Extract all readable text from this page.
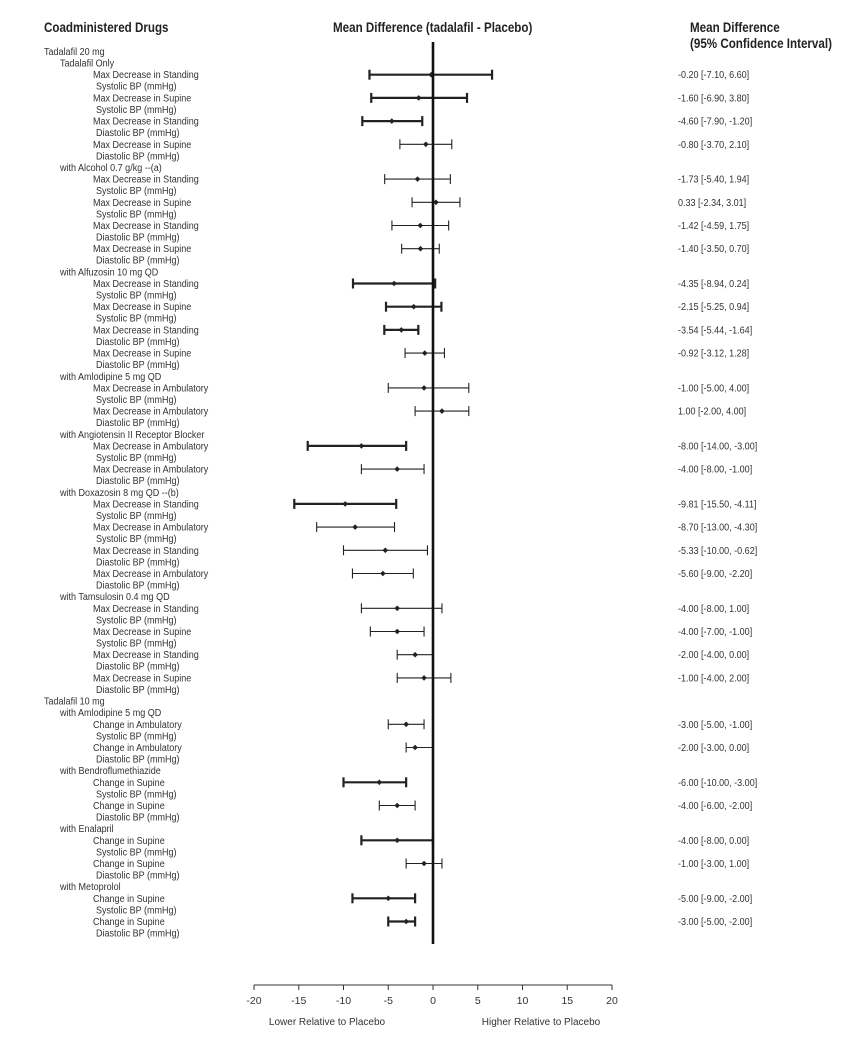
Coadministered Drugs	Mean Difference (tadalafil - Placebo)	Mean Difference
(95% Confidence Interval)
Tadalafil 20 mg
Tadalafil Only
Max Decrease in Standing
Systolic BP (mmHg)
-0.20 [-7.10, 6.60]
Max Decrease in Supine
Systolic BP (mmHg)
-1.60 [-6.90, 3.80]
Max Decrease in Standing
Diastolic BP (mmHg)
-4.60 [-7.90, -1.20]
Max Decrease in Supine
Diastolic BP (mmHg)
-0.80 [-3.70, 2.10]
with Alcohol 0.7 g/kg --(a)
Max Decrease in Standing
Systolic BP (mmHg)
-1.73 [-5.40, 1.94]
Max Decrease in Supine
Systolic BP (mmHg)
0.33 [-2.34, 3.01]
Max Decrease in Standing
Diastolic BP (mmHg)
-1.42 [-4.59, 1.75]
Max Decrease in Supine
Diastolic BP (mmHg)
-1.40 [-3.50, 0.70]
with Alfuzosin 10 mg QD
Max Decrease in Standing
Systolic BP (mmHg)
-4.35 [-8.94, 0.24]
Max Decrease in Supine
Systolic BP (mmHg)
-2.15 [-5.25, 0.94]
Max Decrease in Standing
Diastolic BP (mmHg)
-3.54 [-5.44, -1.64]
Max Decrease in Supine
Diastolic BP (mmHg)
-0.92 [-3.12, 1.28]
with Amlodipine 5 mg QD
Max Decrease in Ambulatory
Systolic BP (mmHg)
-1.00 [-5.00, 4.00]
Max Decrease in Ambulatory
Diastolic BP (mmHg)
1.00 [-2.00, 4.00]
with Angiotensin II Receptor Blocker
Max Decrease in Ambulatory
Systolic BP (mmHg)
-8.00 [-14.00, -3.00]
Max Decrease in Ambulatory
Diastolic BP (mmHg)
-4.00 [-8.00, -1.00]
with Doxazosin 8 mg QD --(b)
Max Decrease in Standing
Systolic BP (mmHg)
-9.81 [-15.50, -4.11]
Max Decrease in Ambulatory
Systolic BP (mmHg)
-8.70 [-13.00, -4.30]
Max Decrease in Standing
Diastolic BP (mmHg)
-5.33 [-10.00, -0.62]
Max Decrease in Ambulatory
Diastolic BP (mmHg)
-5.60 [-9.00, -2.20]
with Tamsulosin 0.4 mg QD
Max Decrease in Standing
Systolic BP (mmHg)
-4.00 [-8.00, 1.00]
Max Decrease in Supine
Systolic BP (mmHg)
-4.00 [-7.00, -1.00]
Max Decrease in Standing
Diastolic BP (mmHg)
-2.00 [-4.00, 0.00]
Max Decrease in Supine
Diastolic BP (mmHg)
-1.00 [-4.00, 2.00]
Tadalafil 10 mg
with Amlodipine 5 mg QD
Change in Ambulatory
Systolic BP (mmHg)
-3.00 [-5.00, -1.00]
Change in Ambulatory
Diastolic BP (mmHg)
-2.00 [-3.00, 0.00]
with Bendroflumethiazide
Change in Supine
Systolic BP (mmHg)
-6.00 [-10.00, -3.00]
Change in Supine
Diastolic BP (mmHg)
-4.00 [-6.00, -2.00]
with Enalapril
Change in Supine
Systolic BP (mmHg)
-4.00 [-8.00, 0.00]
Change in Supine
Diastolic BP (mmHg)
-1.00 [-3.00, 1.00]
with Metoprolol
Change in Supine
Systolic BP (mmHg)
-5.00 [-9.00, -2.00]
Change in Supine
Diastolic BP (mmHg)
-3.00 [-5.00, -2.00]
-20	-15	-10	-5	0	5	10	15	20
Lower Relative to Placebo	Higher Relative to Placebo
